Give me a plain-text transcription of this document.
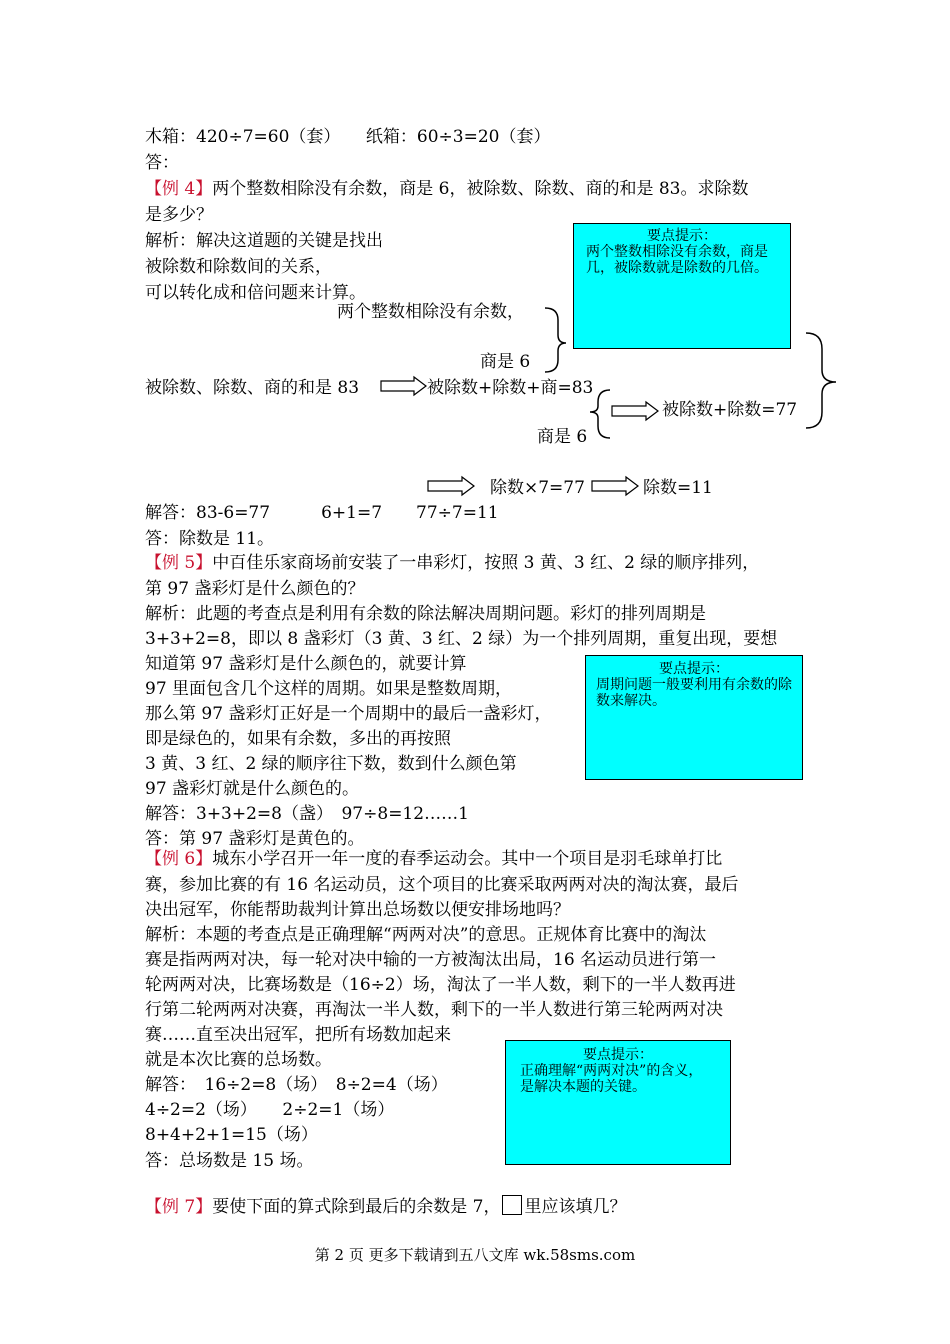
木箱：420÷7=60（套）　　纸箱：60÷3=20（套）
答：
【例 4】两个整数相除没有余数，商是 6，被除数、除数、商的和是 83。求除数
是多少？
解析：解决这道题的关键是找出
被除数和除数间的关系，
可以转化成和倍问题来计算。
要点提示：
两个整数相除没有余数，商是几，被除数就是除数的几倍。
两个整数相除没有余数，
商是 6
被除数、除数、商的和是 83	被除数+除数+商=83
被除数+除数=77
商是 6
除数×7=77	除数=11
解答：83-6=77　　　6+1=7　　77÷7=11
答：除数是 11。
【例 5】中百佳乐家商场前安装了一串彩灯，按照 3 黄、3 红、2 绿的顺序排列，
第 97 盏彩灯是什么颜色的？
解析：此题的考查点是利用有余数的除法解决周期问题。彩灯的排列周期是
3+3+2=8，即以 8 盏彩灯（3 黄、3 红、2 绿）为一个排列周期，重复出现，要想
知道第 97 盏彩灯是什么颜色的，就要计算
97 里面包含几个这样的周期。如果是整数周期，
那么第 97 盏彩灯正好是一个周期中的最后一盏彩灯，
即是绿色的，如果有余数，多出的再按照
3 黄、3 红、2 绿的顺序往下数，数到什么颜色第
97 盏彩灯就是什么颜色的。
解答：3+3+2=8（盏）　97÷8=12……1
答：第 97 盏彩灯是黄色的。
要点提示：
周期问题一般要利用有余数的除数来解决。
【例 6】城东小学召开一年一度的春季运动会。其中一个项目是羽毛球单打比
赛，参加比赛的有 16 名运动员，这个项目的比赛采取两两对决的淘汰赛，最后
决出冠军，你能帮助裁判计算出总场数以便安排场地吗？
解析：本题的考查点是正确理解“两两对决”的意思。正规体育比赛中的淘汰
赛是指两两对决，每一轮对决中输的一方被淘汰出局，16 名运动员进行第一
轮两两对决，比赛场数是（16÷2）场，淘汰了一半人数，剩下的一半人数再进
行第二轮两两对决赛，再淘汰一半人数，剩下的一半人数进行第三轮两两对决
赛……直至决出冠军，把所有场数加起来
就是本次比赛的总场数。
解答：　16÷2=8（场）　8÷2=4（场）
4÷2=2（场）　　2÷2=1（场）
8+4+2+1=15（场）
答：总场数是 15 场。
要点提示：
正确理解“两两对决”的含义，是解决本题的关键。
【例 7】要使下面的算式除到最后的余数是 7， 里应该填几？
第 2 页 更多下载请到五八文库 wk.58sms.com
